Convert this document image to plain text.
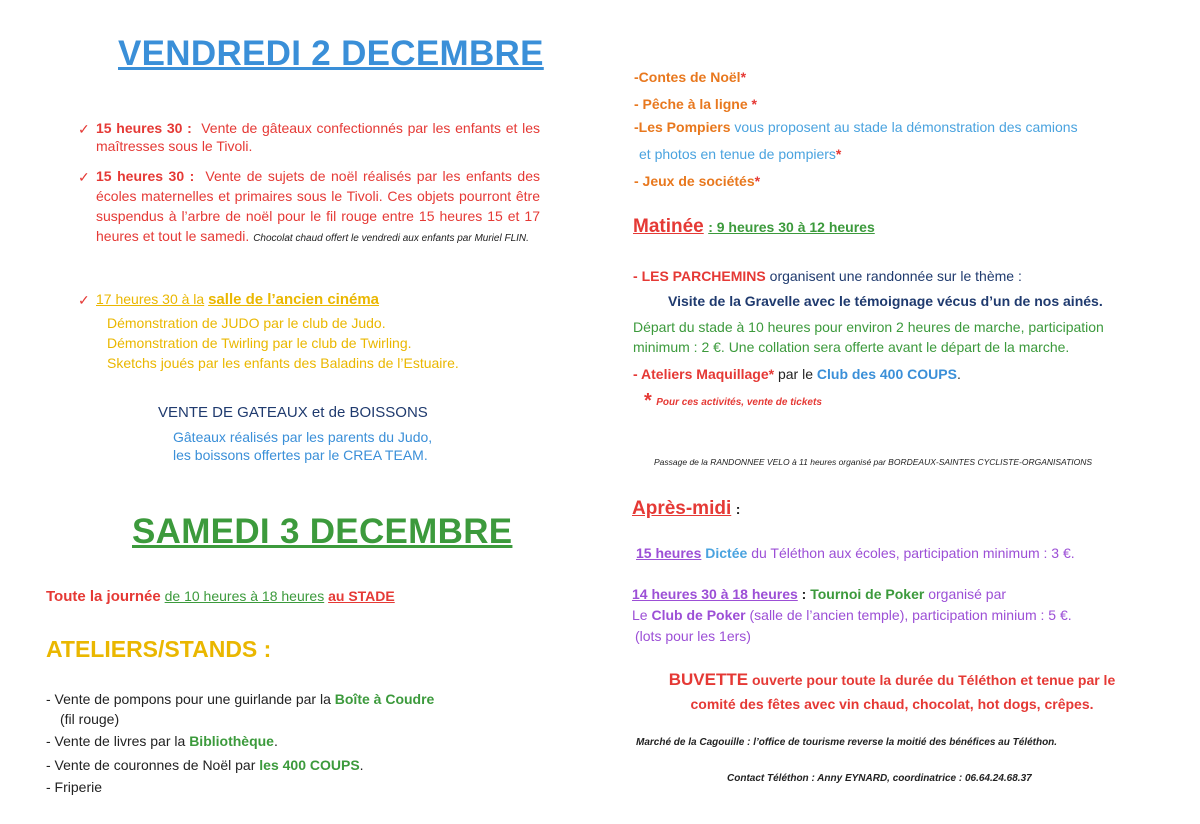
VENDREDI 2 DECEMBRE
✓ 15 heures 30 : Vente de gâteaux confectionnés par les enfants et les maîtresses sous le Tivoli.
✓ 15 heures 30 : Vente de sujets de noël réalisés par les enfants des écoles maternelles et primaires sous le Tivoli. Ces objets pourront être suspendus à l’arbre de noël pour le fil rouge entre 15 heures 15 et 17 heures et tout le samedi. Chocolat chaud offert le vendredi aux enfants par Muriel FLIN.
✓ 17 heures 30 à la salle de l’ancien cinéma
Démonstration de JUDO par le club de Judo.
Démonstration de Twirling par le club de Twirling.
Sketchs joués par les enfants des Baladins de l’Estuaire.
VENTE DE GATEAUX et de BOISSONS
Gâteaux réalisés par les parents du Judo,
les boissons offertes par le CREA TEAM.
SAMEDI 3 DECEMBRE
Toute la journée de 10 heures à 18 heures au STADE
ATELIERS/STANDS :
- Vente de pompons pour une guirlande par la Boîte à Coudre
(fil rouge)
- Vente de livres par la Bibliothèque.
- Vente de couronnes de Noël par les 400 COUPS.
- Friperie
-Contes de Noël*
- Pêche à la ligne *
-Les Pompiers vous proposent au stade la démonstration des camions
et photos en tenue de pompiers*
- Jeux de sociétés*
Matinée : 9 heures 30 à 12 heures
- LES PARCHEMINS organisent une randonnée sur le thème :
Visite de la Gravelle avec le témoignage vécus d’un de nos ainés.
Départ du stade à 10 heures pour environ 2 heures de marche, participation
minimum : 2 €. Une collation sera offerte avant le départ de la marche.
- Ateliers Maquillage* par le Club des 400 COUPS.
* Pour ces activités, vente de tickets
Passage de la RANDONNEE VELO à 11 heures organisé par BORDEAUX-SAINTES CYCLISTE-ORGANISATIONS
Après-midi :
15 heures Dictée du Téléthon aux écoles, participation minimum : 3 €.
14 heures 30 à 18 heures : Tournoi de Poker organisé par
Le Club de Poker (salle de l’ancien temple), participation minium : 5 €.
(lots pour les 1ers)
BUVETTE ouverte pour toute la durée du Téléthon et tenue par le
comité des fêtes avec vin chaud, chocolat, hot dogs, crêpes.
Marché de la Cagouille : l’office de tourisme reverse la moitié des bénéfices au Téléthon.
Contact Téléthon : Anny EYNARD, coordinatrice : 06.64.24.68.37
